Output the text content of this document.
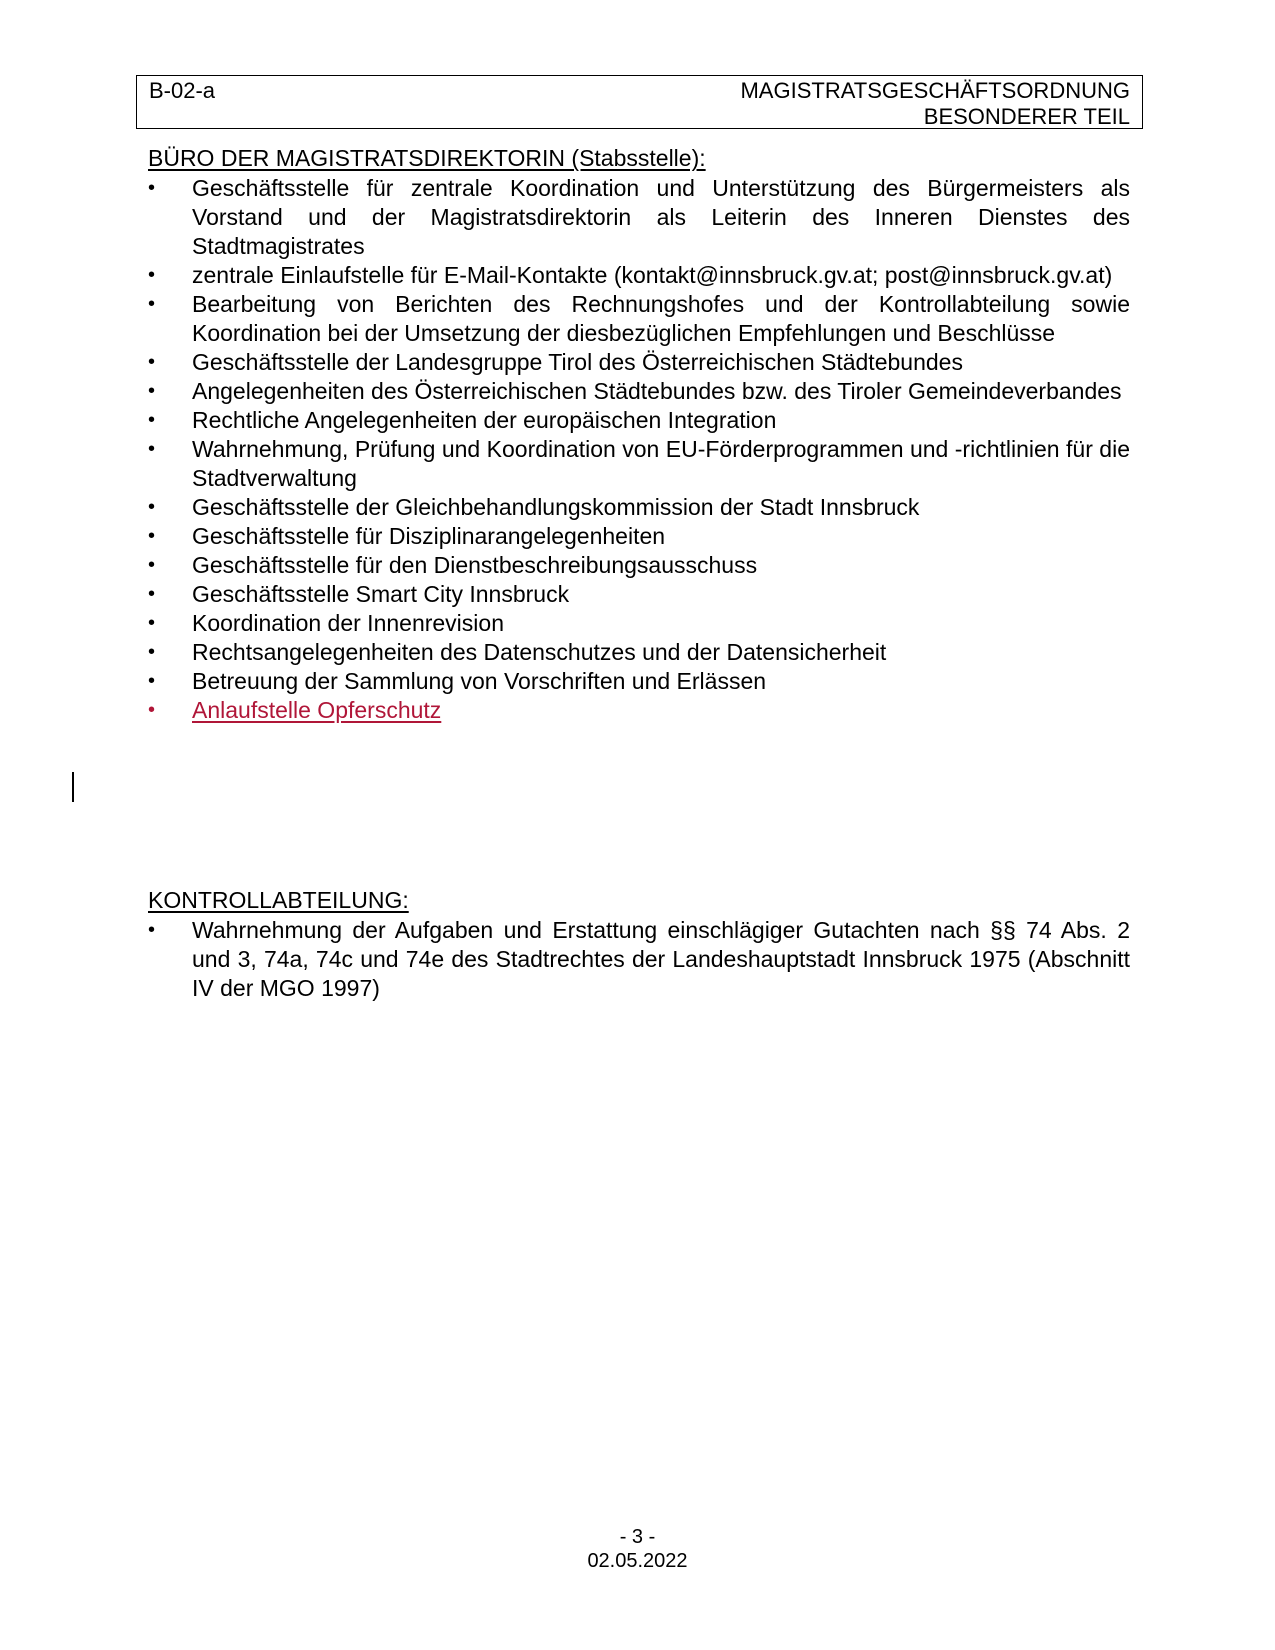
B-02-a	MAGISTRATSGESCHÄFTSORDNUNG
BESONDERER TEIL
BÜRO DER MAGISTRATSDIREKTORIN (Stabsstelle):
•	Geschäftsstelle für zentrale Koordination und Unterstützung des Bürgermeisters als Vorstand und der Magistratsdirektorin als Leiterin des Inneren Dienstes des Stadtmagistrates
•	zentrale Einlaufstelle für E-Mail-Kontakte (kontakt@innsbruck.gv.at; post@innsbruck.gv.at)
•	Bearbeitung von Berichten des Rechnungshofes und der Kontrollabteilung sowie Koordination bei der Umsetzung der diesbezüglichen Empfehlungen und Beschlüsse
•	Geschäftsstelle der Landesgruppe Tirol des Österreichischen Städtebundes
•	Angelegenheiten des Österreichischen Städtebundes bzw. des Tiroler Gemeindeverbandes
•	Rechtliche Angelegenheiten der europäischen Integration
•	Wahrnehmung, Prüfung und Koordination von EU-Förderprogrammen und -richtlinien für die Stadtverwaltung
•	Geschäftsstelle der Gleichbehandlungskommission der Stadt Innsbruck
•	Geschäftsstelle für Disziplinarangelegenheiten
•	Geschäftsstelle für den Dienstbeschreibungsausschuss
•	Geschäftsstelle Smart City Innsbruck
•	Koordination der Innenrevision
•	Rechtsangelegenheiten des Datenschutzes und der Datensicherheit
•	Betreuung der Sammlung von Vorschriften und Erlässen
•	Anlaufstelle Opferschutz
KONTROLLABTEILUNG:
•	Wahrnehmung der Aufgaben und Erstattung einschlägiger Gutachten nach §§ 74 Abs. 2 und 3, 74a, 74c und 74e des Stadtrechtes der Landeshauptstadt Innsbruck 1975 (Abschnitt IV der MGO 1997)
- 3 -
02.05.2022
